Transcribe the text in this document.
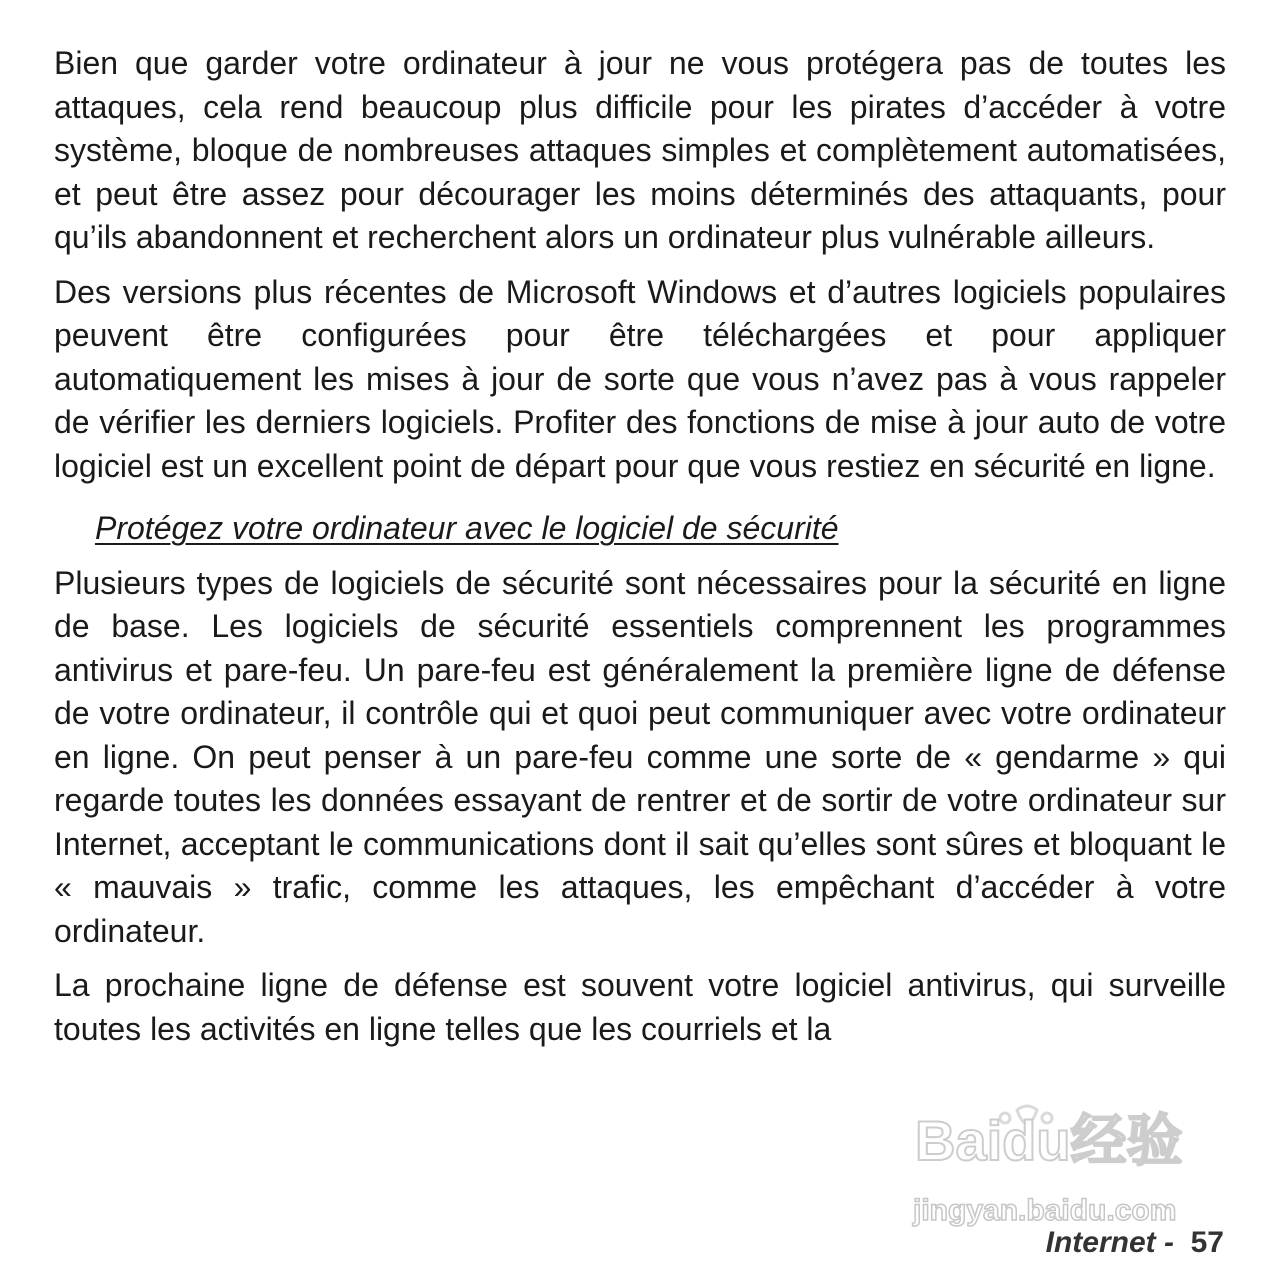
Bien que garder votre ordinateur à jour ne vous protégera pas de toutes les attaques, cela rend beaucoup plus difficile pour les pirates d’accéder à votre système, bloque de nombreuses attaques simples et complètement automatisées, et peut être assez pour décourager les moins déterminés des attaquants, pour qu’ils abandonnent et recherchent alors un ordinateur plus vulnérable ailleurs.

Des versions plus récentes de Microsoft Windows et d’autres logiciels populaires peuvent être configurées pour être téléchargées et pour appliquer automatiquement les mises à jour de sorte que vous n’avez pas à vous rappeler de vérifier les derniers logiciels. Profiter des fonctions de mise à jour auto de votre logiciel est un excellent point de départ pour que vous restiez en sécurité en ligne.

Protégez votre ordinateur avec le logiciel de sécurité

Plusieurs types de logiciels de sécurité sont nécessaires pour la sécurité en ligne de base. Les logiciels de sécurité essentiels comprennent les programmes antivirus et pare-feu. Un pare-feu est généralement la première ligne de défense de votre ordinateur, il contrôle qui et quoi peut communiquer avec votre ordinateur en ligne. On peut penser à un pare-feu comme une sorte de « gendarme » qui regarde toutes les données essayant de rentrer et de sortir de votre ordinateur sur Internet, acceptant le communications dont il sait qu’elles sont sûres et bloquant le « mauvais » trafic, comme les attaques, les empêchant d’accéder à votre ordinateur.

La prochaine ligne de défense est souvent votre logiciel antivirus, qui surveille toutes les activités en ligne telles que les courriels et la

Baidu经验
jingyan.baidu.com
Internet -  57
